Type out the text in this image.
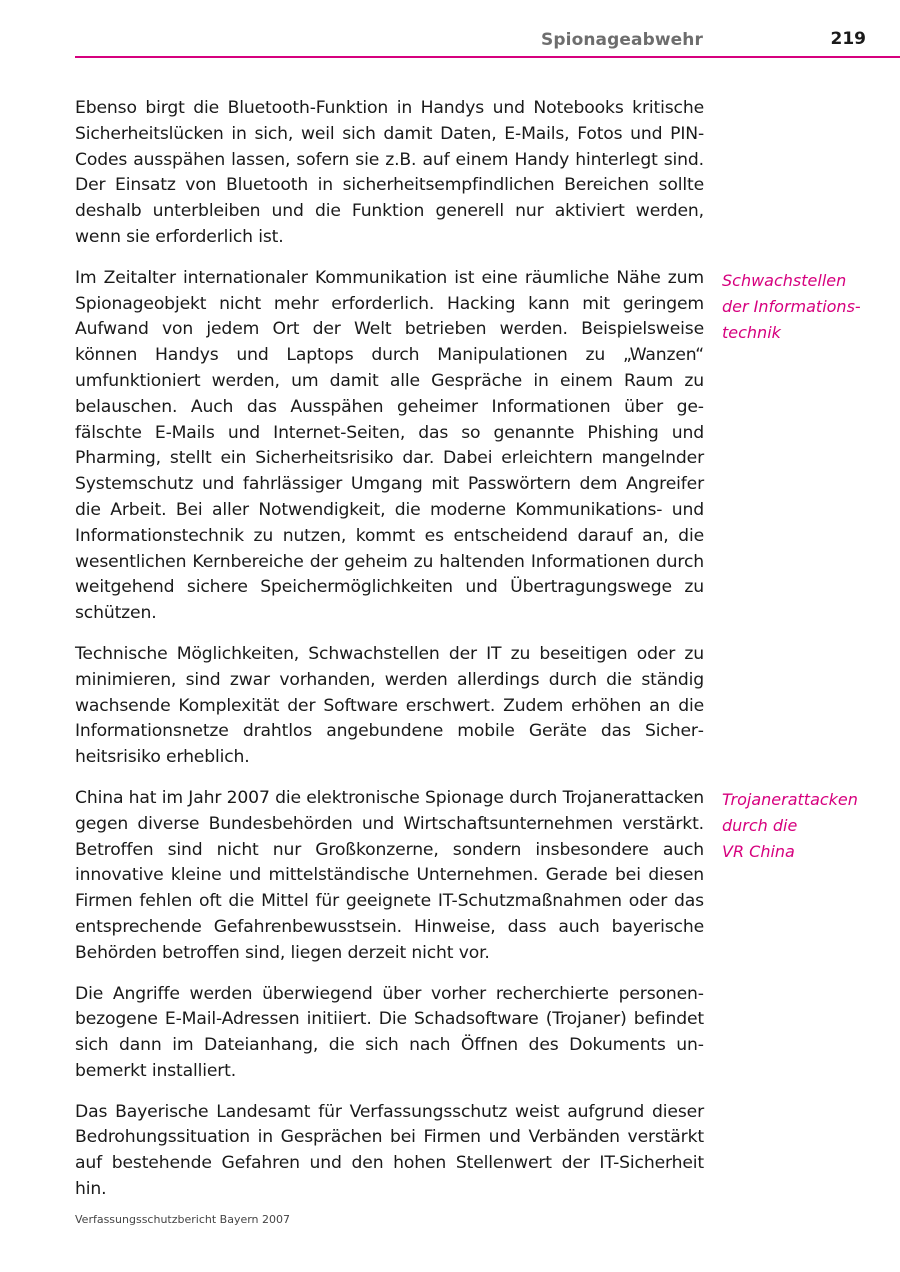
Spionageabwehr	219

Ebenso birgt die Bluetooth-Funktion in Handys und Notebooks kritische Sicherheitslücken in sich, weil sich damit Daten, E-Mails, Fotos und PIN-Codes ausspähen lassen, sofern sie z.B. auf einem Handy hinterlegt sind. Der Einsatz von Bluetooth in sicherheitsempfindlichen Bereichen sollte deshalb unterbleiben und die Funktion generell nur aktiviert werden, wenn sie erforderlich ist.

Im Zeitalter internationaler Kommunikation ist eine räumliche Nähe zum Spionageobjekt nicht mehr erforderlich. Hacking kann mit geringem Aufwand von jedem Ort der Welt betrieben werden. Beispielsweise können Handys und Laptops durch Manipulationen zu „Wanzen“ umfunktioniert werden, um damit alle Gespräche in einem Raum zu belauschen. Auch das Ausspähen geheimer Informationen über gefälschte E-Mails und Internet-Seiten, das so genannte Phishing und Pharming, stellt ein Sicherheitsrisiko dar. Dabei erleichtern mangelnder Systemschutz und fahrlässiger Umgang mit Passwörtern dem Angreifer die Arbeit. Bei aller Notwendigkeit, die moderne Kommunikations- und Informationstechnik zu nutzen, kommt es entscheidend darauf an, die wesentlichen Kernbereiche der geheim zu haltenden Informationen durch weitgehend sichere Speichermöglichkeiten und Übertragungswege zu schützen.

Technische Möglichkeiten, Schwachstellen der IT zu beseitigen oder zu minimieren, sind zwar vorhanden, werden allerdings durch die ständig wachsende Komplexität der Software erschwert. Zudem erhöhen an die Informationsnetze drahtlos angebundene mobile Geräte das Sicherheitsrisiko erheblich.

China hat im Jahr 2007 die elektronische Spionage durch Trojanerattacken gegen diverse Bundesbehörden und Wirtschaftsunternehmen verstärkt. Betroffen sind nicht nur Großkonzerne, sondern insbesondere auch innovative kleine und mittelständische Unternehmen. Gerade bei diesen Firmen fehlen oft die Mittel für geeignete IT-Schutzmaßnahmen oder das entsprechende Gefahrenbewusstsein. Hinweise, dass auch bayerische Behörden betroffen sind, liegen derzeit nicht vor.

Die Angriffe werden überwiegend über vorher recherchierte personenbezogene E-Mail-Adressen initiiert. Die Schadsoftware (Trojaner) befindet sich dann im Dateianhang, die sich nach Öffnen des Dokuments unbemerkt installiert.

Das Bayerische Landesamt für Verfassungsschutz weist aufgrund dieser Bedrohungssituation in Gesprächen bei Firmen und Verbänden verstärkt auf bestehende Gefahren und den hohen Stellenwert der IT-Sicherheit hin.

Schwachstellen
der Informations-
technik
Trojanerattacken
durch die
VR China
Verfassungsschutzbericht Bayern 2007
